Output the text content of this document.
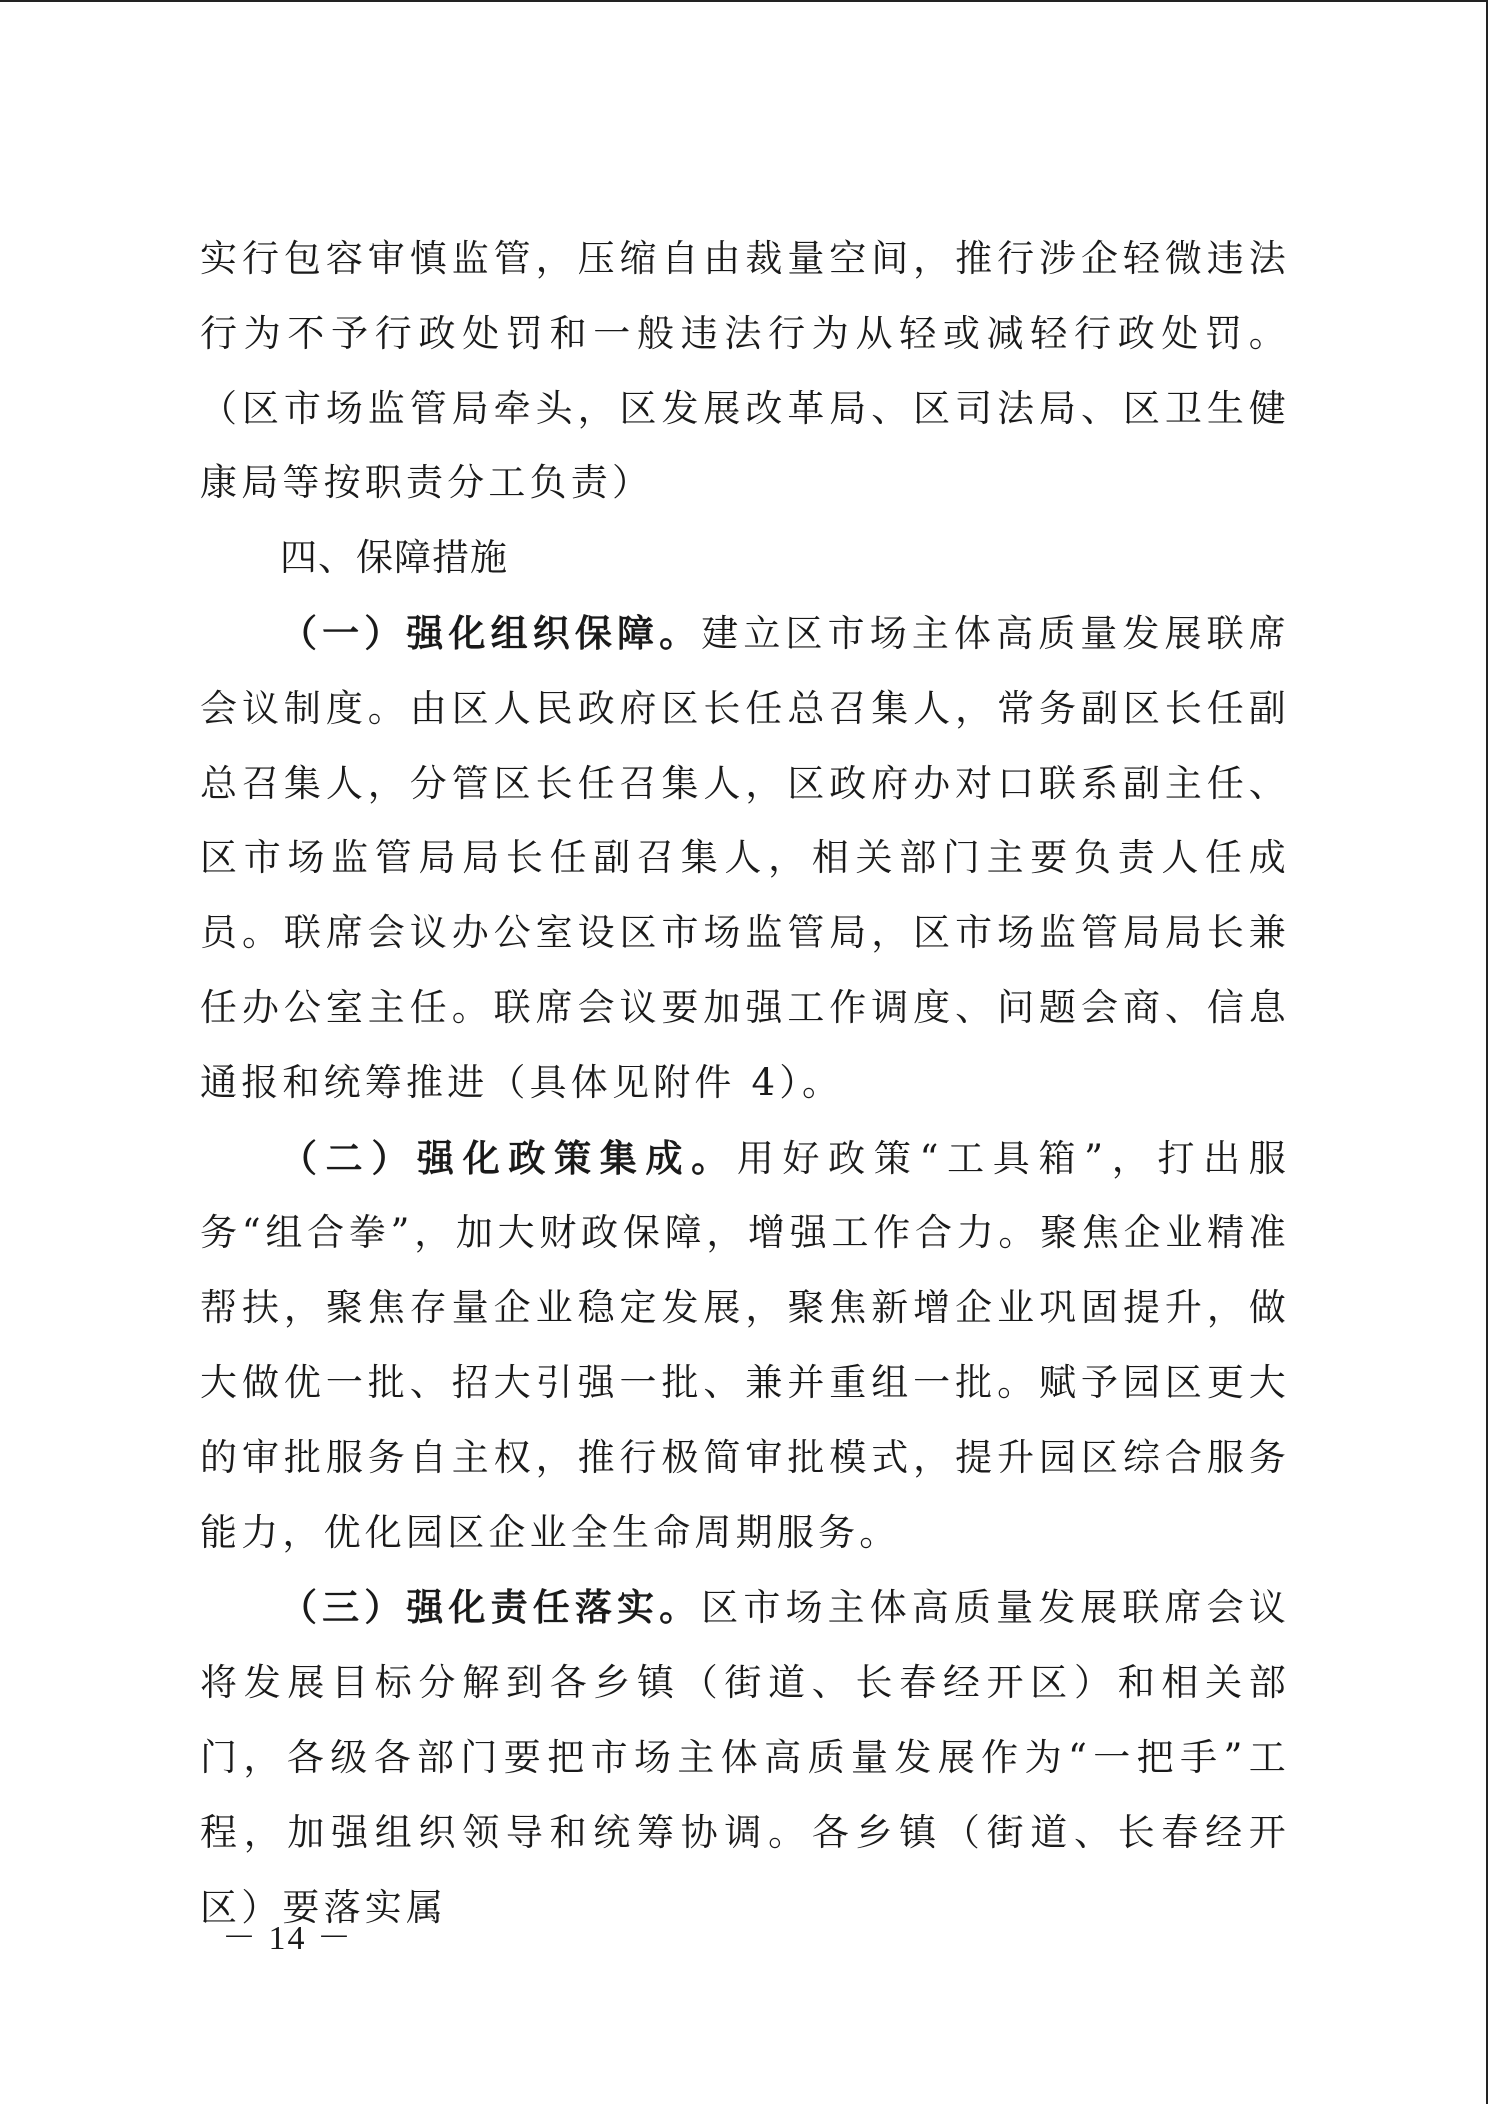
实行包容审慎监管，压缩自由裁量空间，推行涉企轻微违法行为不予行政处罚和一般违法行为从轻或减轻行政处罚。（区市场监管局牵头，区发展改革局、区司法局、区卫生健康局等按职责分工负责）

四、保障措施

（一）强化组织保障。建立区市场主体高质量发展联席会议制度。由区人民政府区长任总召集人，常务副区长任副总召集人，分管区长任召集人，区政府办对口联系副主任、区市场监管局局长任副召集人，相关部门主要负责人任成员。联席会议办公室设区市场监管局，区市场监管局局长兼任办公室主任。联席会议要加强工作调度、问题会商、信息通报和统筹推进（具体见附件 4）。

（二）强化政策集成。用好政策“工具箱”，打出服务“组合拳”，加大财政保障，增强工作合力。聚焦企业精准帮扶，聚焦存量企业稳定发展，聚焦新增企业巩固提升，做大做优一批、招大引强一批、兼并重组一批。赋予园区更大的审批服务自主权，推行极简审批模式，提升园区综合服务能力，优化园区企业全生命周期服务。

（三）强化责任落实。区市场主体高质量发展联席会议将发展目标分解到各乡镇（街道、长春经开区）和相关部门，各级各部门要把市场主体高质量发展作为“一把手”工程，加强组织领导和统筹协调。各乡镇（街道、长春经开区）要落实属

－ 14 －
